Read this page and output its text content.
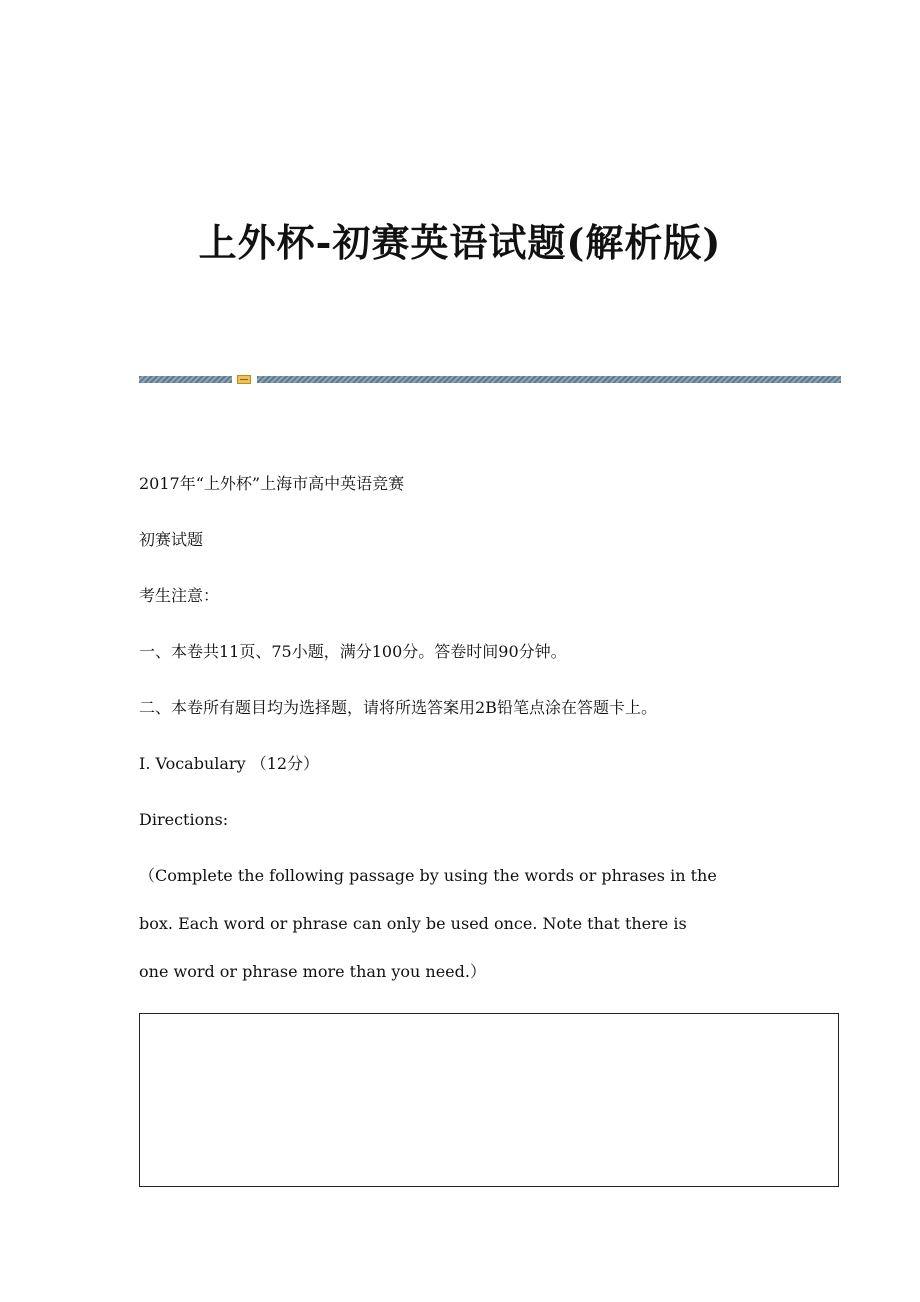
上外杯-初赛英语试题(解析版)
2017年“上外杯”上海市高中英语竞赛
初赛试题
考生注意：
一、本卷共11页、75小题，满分100分。答卷时间90分钟。
二、本卷所有题目均为选择题，请将所选答案用2B铅笔点涂在答题卡上。
I. Vocabulary （12分）
Directions:
（Complete the following passage by using the words or phrases in the
box. Each word or phrase can only be used once. Note that there is
one word or phrase more than you need.）
